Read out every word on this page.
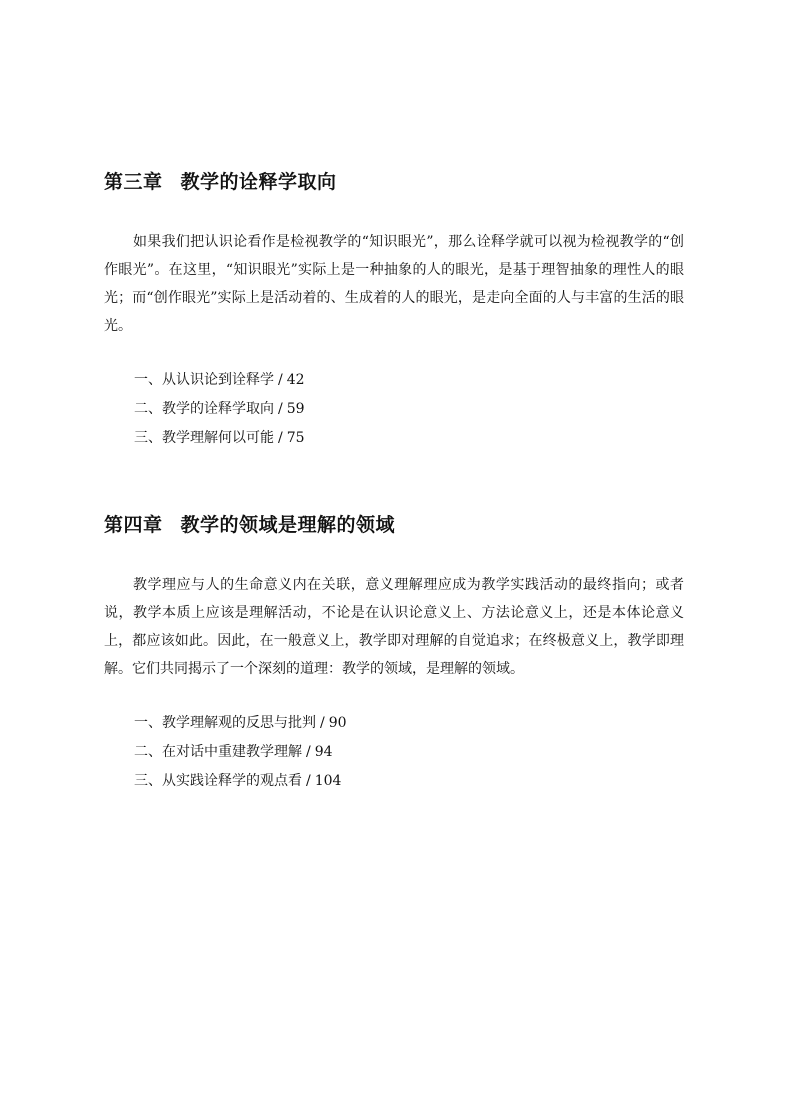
第三章 教学的诠释学取向

如果我们把认识论看作是检视教学的“知识眼光”，那么诠释学就可以视为检视教学的“创作眼光”。在这里，“知识眼光”实际上是一种抽象的人的眼光，是基于理智抽象的理性人的眼光；而“创作眼光”实际上是活动着的、生成着的人的眼光，是走向全面的人与丰富的生活的眼光。

一、从认识论到诠释学 / 42
二、教学的诠释学取向 / 59
三、教学理解何以可能 / 75
第四章 教学的领域是理解的领域

教学理应与人的生命意义内在关联，意义理解理应成为教学实践活动的最终指向；或者说，教学本质上应该是理解活动，不论是在认识论意义上、方法论意义上，还是本体论意义上，都应该如此。因此，在一般意义上，教学即对理解的自觉追求；在终极意义上，教学即理解。它们共同揭示了一个深刻的道理：教学的领域，是理解的领域。

一、教学理解观的反思与批判 / 90
二、在对话中重建教学理解 / 94
三、从实践诠释学的观点看 / 104
